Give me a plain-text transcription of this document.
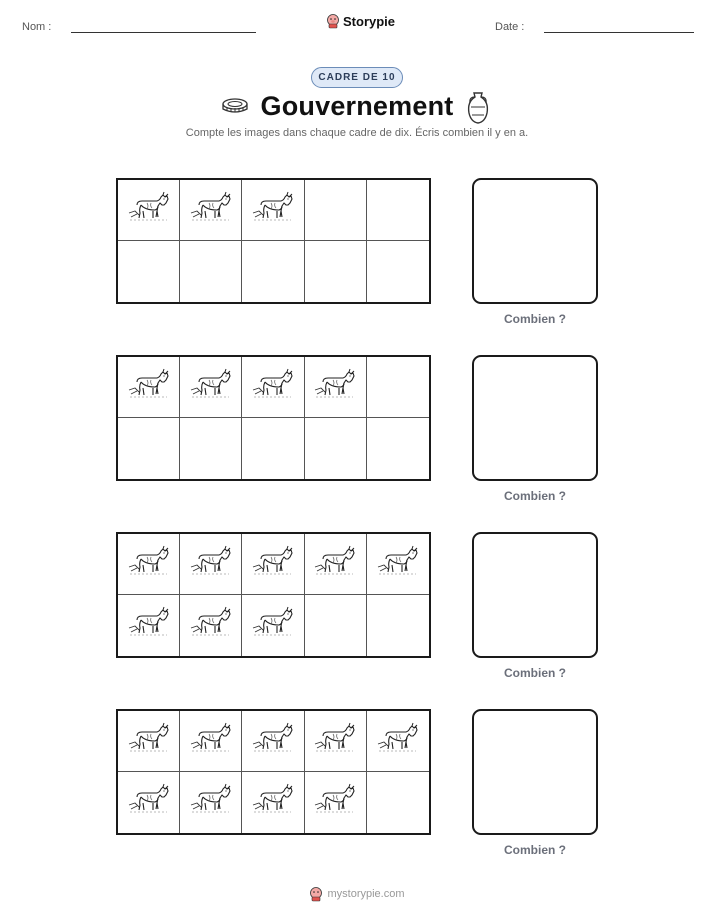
Nom :	Storypie	Date :
CADRE DE 10
Gouvernement
Compte les images dans chaque cadre de dix. Écris combien il y en a.
Combien ?
Combien ?
Combien ?
Combien ?
mystorypie.com
